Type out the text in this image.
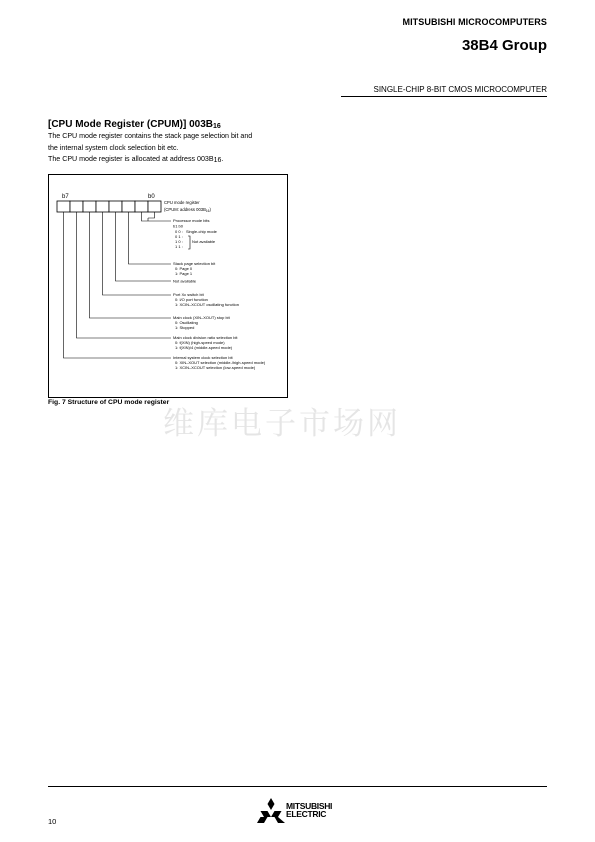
MITSUBISHI MICROCOMPUTERS
38B4 Group
SINGLE-CHIP 8-BIT CMOS MICROCOMPUTER
[CPU Mode Register (CPUM)] 003B16
The CPU mode register contains the stack page selection bit and
the internal system clock selection bit etc.
The CPU mode register is allocated at address 003B16.
b7	b0
CPU mode register
(CPUM: address $003B_{16}$)
Processor mode bits
b1 b0
0 0 : Single-chip mode
0 1 :
1 0 : Not available
1 1 :
Stack page selection bit
0: Page 0
1: Page 1
Not available
Port Xc switch bit
0: I/O port function
1: XCIN–XCOUT oscillating function
Main clock (XIN–XOUT) stop bit
0: Oscillating
1: Stopped
Main clock division ratio selection bit
0: f(XIN) (high-speed mode)
1: f(XIN)/4 (middle-speed mode)
Internal system clock selection bit
0: XIN–XOUT selection (middle-/high-speed mode)
1: XCIN–XCOUT selection (low-speed mode)
Fig. 7 Structure of CPU mode register
维库电子市场网
10
MITSUBISHI
ELECTRIC
